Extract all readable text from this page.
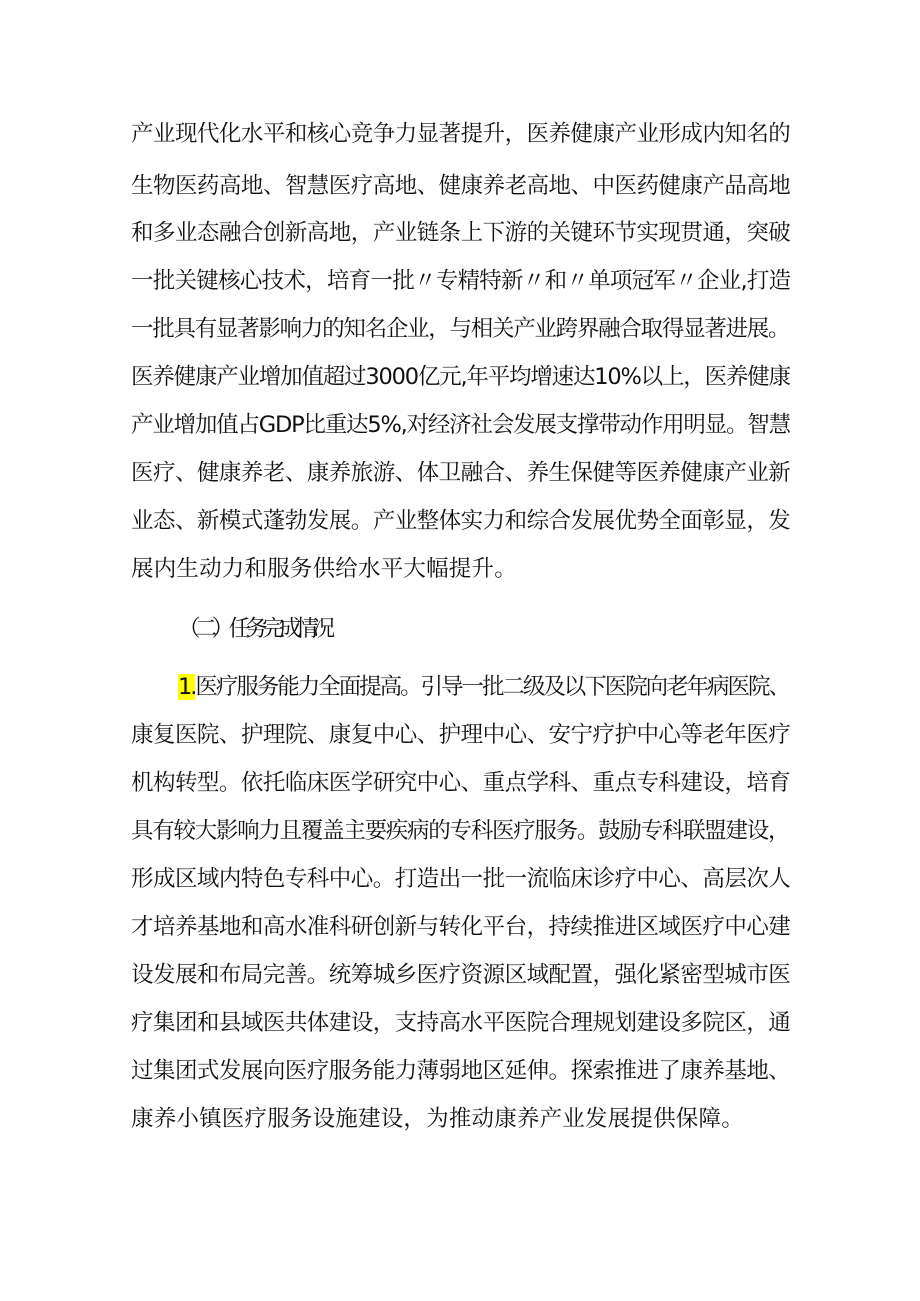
产业现代化水平和核心竞争力显著提升，医养健康产业形成内知名的
生物医药高地、智慧医疗高地、健康养老高地、中医药健康产品高地
和多业态融合创新高地，产业链条上下游的关键环节实现贯通，突破
一批关键核心技术，培育一批〃专精特新〃和〃单项冠军〃企业,打造
一批具有显著影响力的知名企业，与相关产业跨界融合取得显著进展。
医养健康产业增加值超过3000亿元,年平均增速达10%以上，医养健康
产业增加值占GDP比重达5%,对经济社会发展支撑带动作用明显。智慧
医疗、健康养老、康养旅游、体卫融合、养生保健等医养健康产业新
业态、新模式蓬勃发展。产业整体实力和综合发展优势全面彰显，发
展内生动力和服务供给水平大幅提升。
（二）任务完成情况
1.医疗服务能力全面提高。引导一批二级及以下医院向老年病医院、
康复医院、护理院、康复中心、护理中心、安宁疗护中心等老年医疗
机构转型。依托临床医学研究中心、重点学科、重点专科建设，培育
具有较大影响力且覆盖主要疾病的专科医疗服务。鼓励专科联盟建设，
形成区域内特色专科中心。打造出一批一流临床诊疗中心、高层次人
才培养基地和高水准科研创新与转化平台，持续推进区域医疗中心建
设发展和布局完善。统筹城乡医疗资源区域配置，强化紧密型城市医
疗集团和县域医共体建设，支持高水平医院合理规划建设多院区，通
过集团式发展向医疗服务能力薄弱地区延伸。探索推进了康养基地、
康养小镇医疗服务设施建设，为推动康养产业发展提供保障。
